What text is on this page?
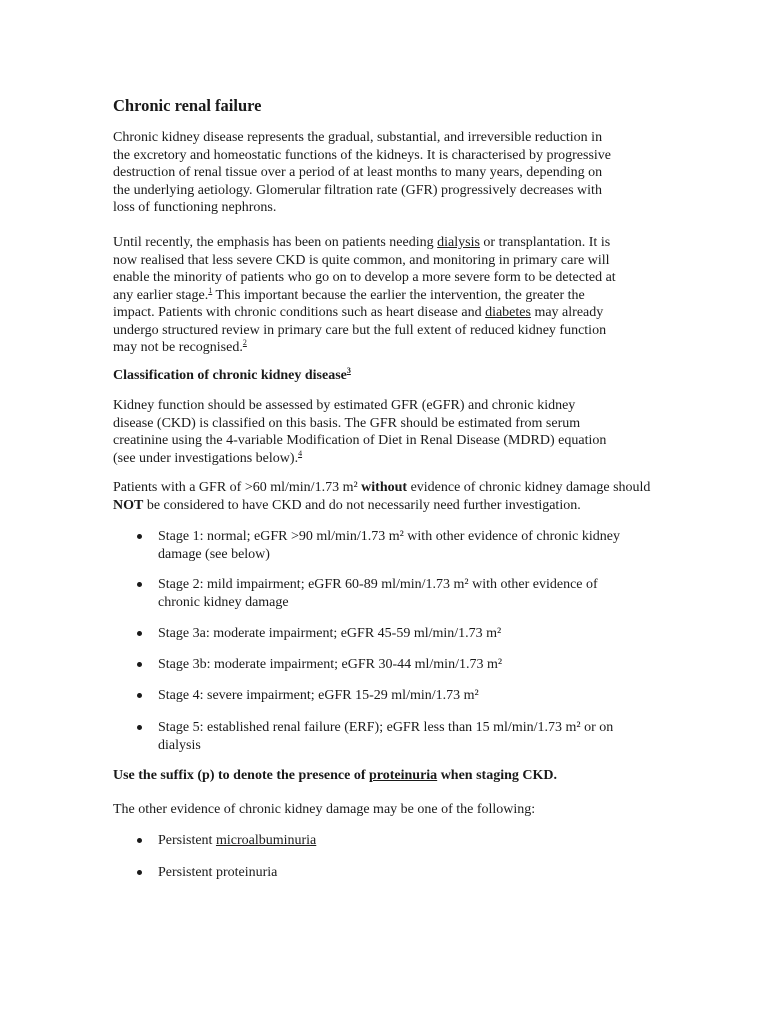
Chronic renal failure

Chronic kidney disease represents the gradual, substantial, and irreversible reduction in
the excretory and homeostatic functions of the kidneys. It is characterised by progressive
destruction of renal tissue over a period of at least months to many years, depending on
the underlying aetiology. Glomerular filtration rate (GFR) progressively decreases with
loss of functioning nephrons.

Until recently, the emphasis has been on patients needing dialysis or transplantation. It is
now realised that less severe CKD is quite common, and monitoring in primary care will
enable the minority of patients who go on to develop a more severe form to be detected at
any earlier stage.$^1$ This important because the earlier the intervention, the greater the
impact. Patients with chronic conditions such as heart disease and diabetes may already
undergo structured review in primary care but the full extent of reduced kidney function
may not be recognised.$^2$

Classification of chronic kidney disease$^3$

Kidney function should be assessed by estimated GFR (eGFR) and chronic kidney
disease (CKD) is classified on this basis. The GFR should be estimated from serum
creatinine using the 4-variable Modification of Diet in Renal Disease (MDRD) equation
(see under investigations below).$^4$

Patients with a GFR of >60 ml/min/1.73 m² without evidence of chronic kidney damage should
NOT be considered to have CKD and do not necessarily need further investigation.

Stage 1: normal; eGFR >90 ml/min/1.73 m² with other evidence of chronic kidney
damage (see below)
Stage 2: mild impairment; eGFR 60-89 ml/min/1.73 m² with other evidence of
chronic kidney damage
Stage 3a: moderate impairment; eGFR 45-59 ml/min/1.73 m²
Stage 3b: moderate impairment; eGFR 30-44 ml/min/1.73 m²
Stage 4: severe impairment; eGFR 15-29 ml/min/1.73 m²
Stage 5: established renal failure (ERF); eGFR less than 15 ml/min/1.73 m² or on
dialysis

Use the suffix (p) to denote the presence of proteinuria when staging CKD.

The other evidence of chronic kidney damage may be one of the following:

Persistent microalbuminuria
Persistent proteinuria
